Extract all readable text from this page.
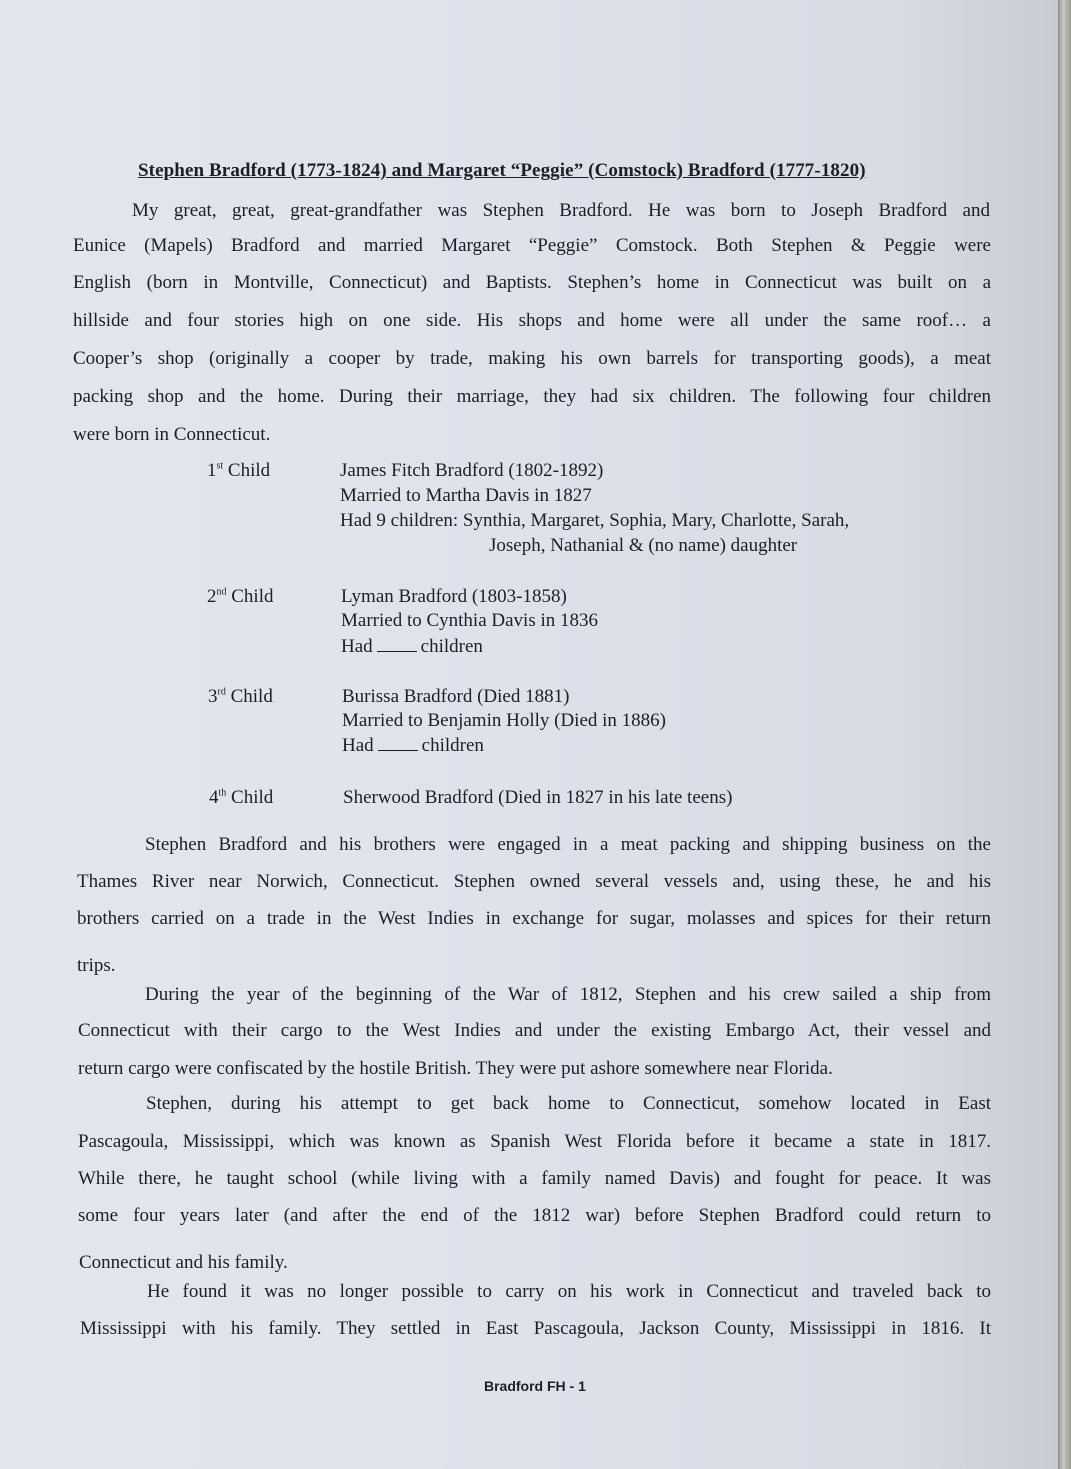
Stephen Bradford (1773-1824) and Margaret “Peggie” (Comstock) Bradford (1777-1820)
My great, great, great-grandfather was Stephen Bradford. He was born to Joseph Bradford and
Eunice (Mapels) Bradford and married Margaret “Peggie” Comstock. Both Stephen & Peggie were
English (born in Montville, Connecticut) and Baptists. Stephen’s home in Connecticut was built on a
hillside and four stories high on one side. His shops and home were all under the same roof… a
Cooper’s shop (originally a cooper by trade, making his own barrels for transporting goods), a meat
packing shop and the home. During their marriage, they had six children. The following four children
were born in Connecticut.
1st Child	James Fitch Bradford (1802-1892)
Married to Martha Davis in 1827
Had 9 children: Synthia, Margaret, Sophia, Mary, Charlotte, Sarah,
Joseph, Nathanial & (no name) daughter
2nd Child	Lyman Bradford (1803-1858)
Married to Cynthia Davis in 1836
Had	children
3rd Child	Burissa Bradford (Died 1881)
Married to Benjamin Holly (Died in 1886)
Had	children
4th Child	Sherwood Bradford (Died in 1827 in his late teens)
Stephen Bradford and his brothers were engaged in a meat packing and shipping business on the
Thames River near Norwich, Connecticut. Stephen owned several vessels and, using these, he and his
brothers carried on a trade in the West Indies in exchange for sugar, molasses and spices for their return
trips.
During the year of the beginning of the War of 1812, Stephen and his crew sailed a ship from
Connecticut with their cargo to the West Indies and under the existing Embargo Act, their vessel and
return cargo were confiscated by the hostile British. They were put ashore somewhere near Florida.
Stephen, during his attempt to get back home to Connecticut, somehow located in East
Pascagoula, Mississippi, which was known as Spanish West Florida before it became a state in 1817.
While there, he taught school (while living with a family named Davis) and fought for peace. It was
some four years later (and after the end of the 1812 war) before Stephen Bradford could return to
Connecticut and his family.
He found it was no longer possible to carry on his work in Connecticut and traveled back to
Mississippi with his family. They settled in East Pascagoula, Jackson County, Mississippi in 1816. It
Bradford FH - 1
